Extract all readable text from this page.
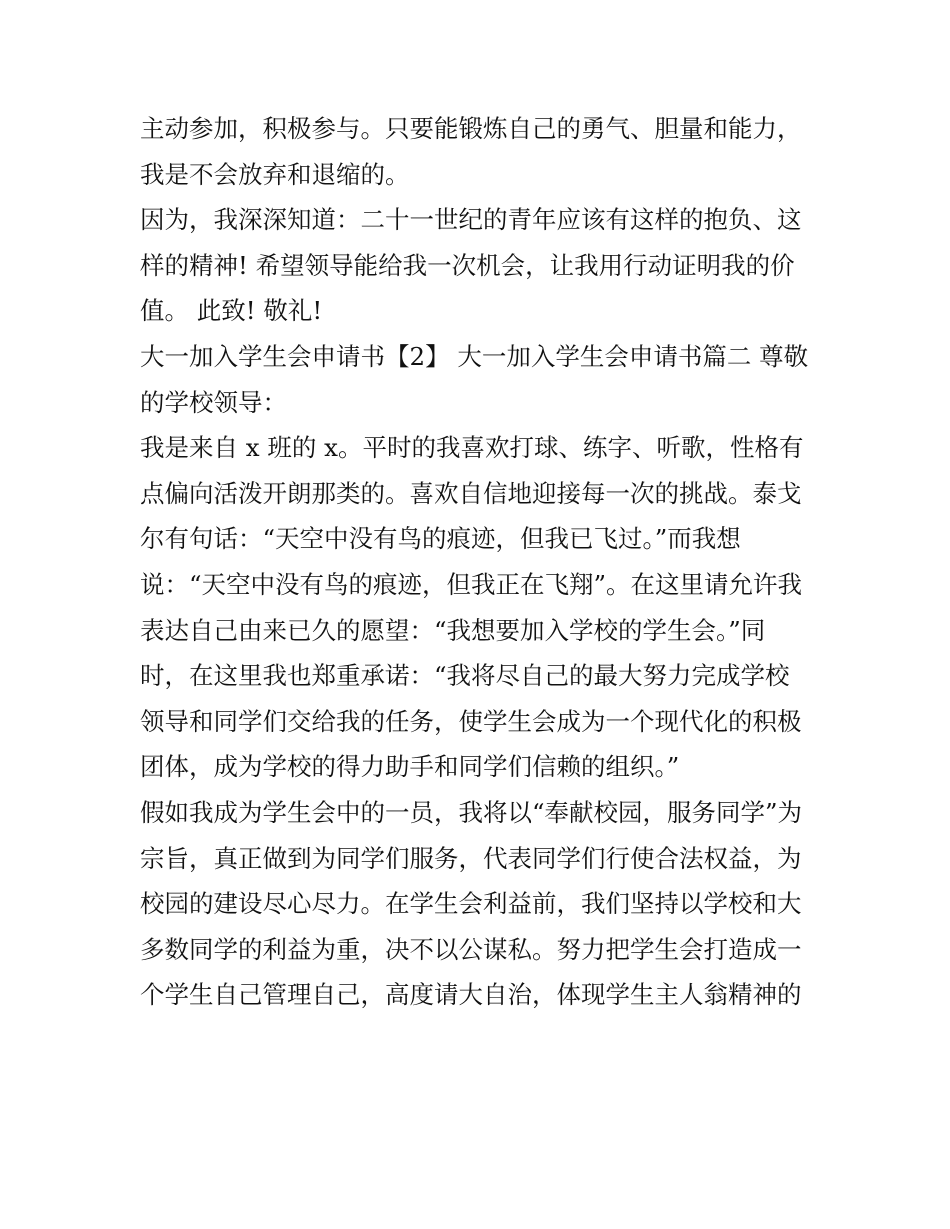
主动参加，积极参与。只要能锻炼自己的勇气、胆量和能力，
我是不会放弃和退缩的。
因为，我深深知道：二十一世纪的青年应该有这样的抱负、这
样的精神! 希望领导能给我一次机会，让我用行动证明我的价
值。 此致! 敬礼!
大一加入学生会申请书【2】 大一加入学生会申请书篇二 尊敬
的学校领导：
我是来自 x 班的 x。平时的我喜欢打球、练字、听歌，性格有
点偏向活泼开朗那类的。喜欢自信地迎接每一次的挑战。泰戈
尔有句话：“天空中没有鸟的痕迹，但我已飞过。”而我想
说：“天空中没有鸟的痕迹，但我正在飞翔”。在这里请允许我
表达自己由来已久的愿望：“我想要加入学校的学生会。”同
时，在这里我也郑重承诺：“我将尽自己的最大努力完成学校
领导和同学们交给我的任务，使学生会成为一个现代化的积极
团体，成为学校的得力助手和同学们信赖的组织。”
假如我成为学生会中的一员，我将以“奉献校园，服务同学”为
宗旨，真正做到为同学们服务，代表同学们行使合法权益，为
校园的建设尽心尽力。在学生会利益前，我们坚持以学校和大
多数同学的利益为重，决不以公谋私。努力把学生会打造成一
个学生自己管理自己，高度请大自治，体现学生主人翁精神的
